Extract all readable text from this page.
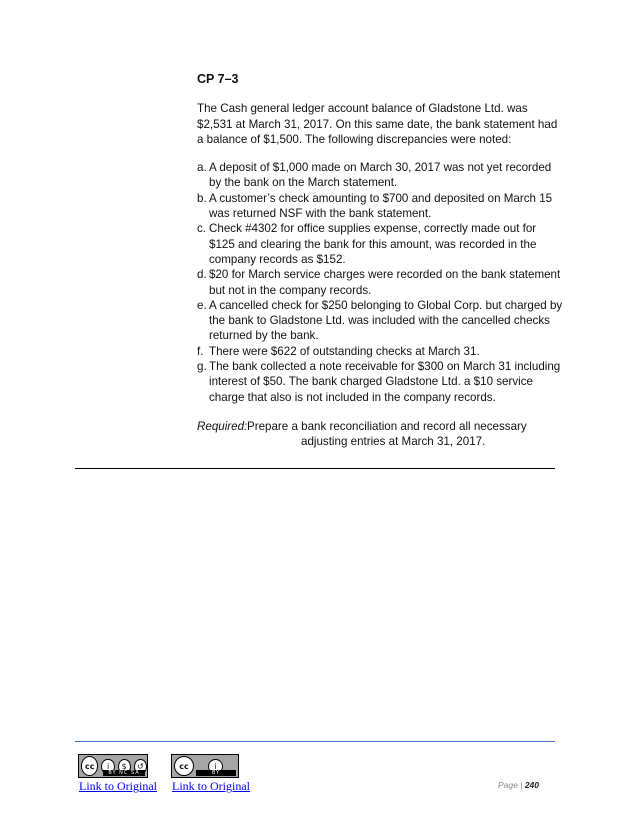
CP 7–3
The Cash general ledger account balance of Gladstone Ltd. was $2,531 at March 31, 2017. On this same date, the bank statement had a balance of $1,500. The following discrepancies were noted:
a. A deposit of $1,000 made on March 30, 2017 was not yet recorded by the bank on the March statement.
b. A customer’s check amounting to $700 and deposited on March 15 was returned NSF with the bank statement.
c. Check #4302 for office supplies expense, correctly made out for $125 and clearing the bank for this amount, was recorded in the company records as $152.
d. $20 for March service charges were recorded on the bank statement but not in the company records.
e. A cancelled check for $250 belonging to Global Corp. but charged by the bank to Gladstone Ltd. was included with the cancelled checks returned by the bank.
f. There were $622 of outstanding checks at March 31.
g. The bank collected a note receivable for $300 on March 31 including interest of $50. The bank charged Gladstone Ltd. a $10 service charge that also is not included in the company records.
Required: Prepare a bank reconciliation and record all necessary
adjusting entries at March 31, 2017.
cc	i	$	↺
BY NC SA
cc	i
BY
Link to Original Link to Original	Page | 240
